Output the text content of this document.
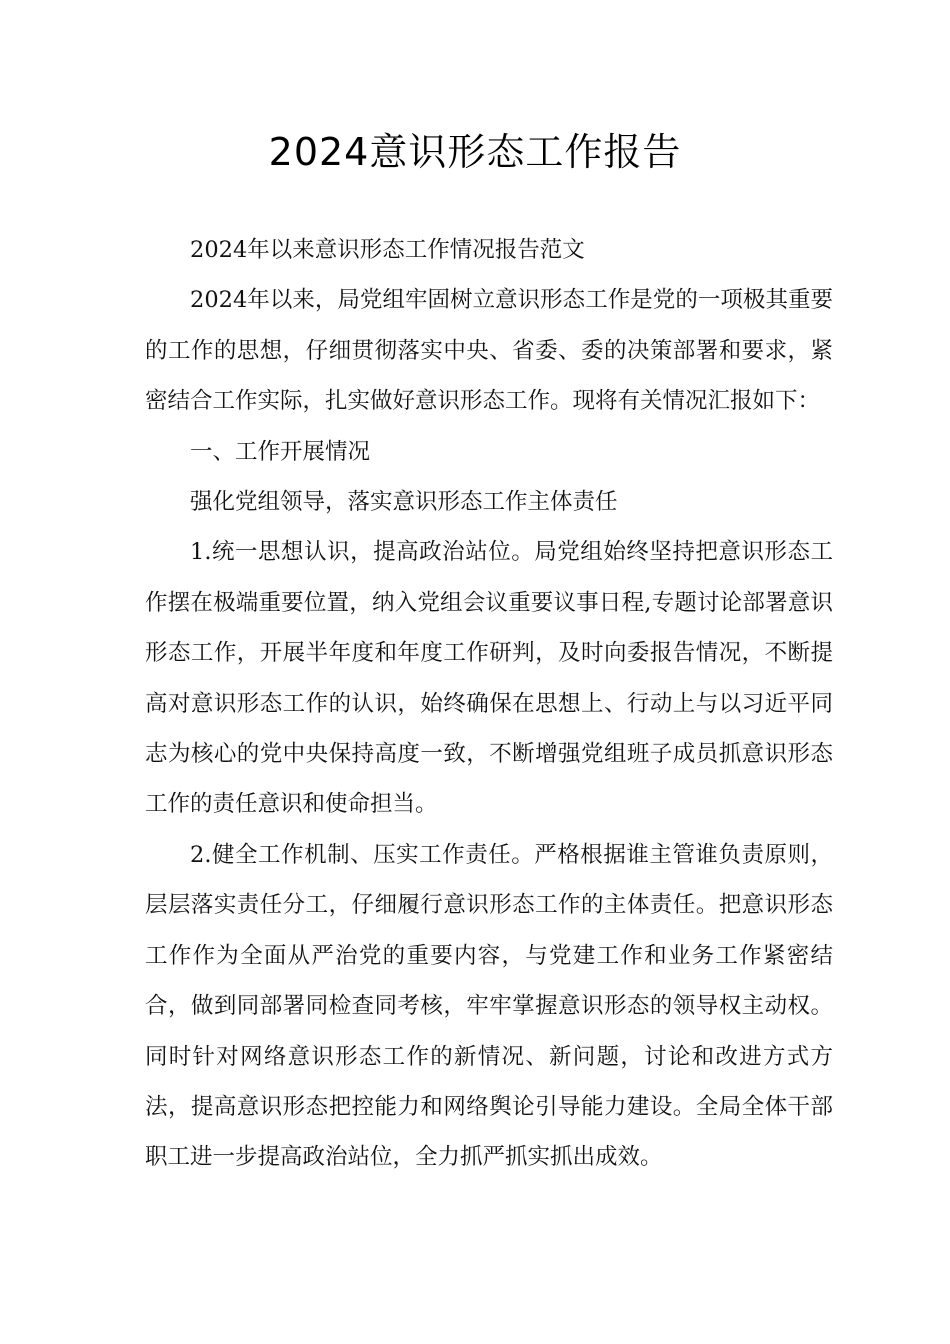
2024意识形态工作报告

2024年以来意识形态工作情况报告范文

2024年以来，局党组牢固树立意识形态工作是党的一项极其重要的工作的思想，仔细贯彻落实中央、省委、委的决策部署和要求，紧密结合工作实际，扎实做好意识形态工作。现将有关情况汇报如下：

一、工作开展情况

强化党组领导，落实意识形态工作主体责任

1.统一思想认识，提高政治站位。局党组始终坚持把意识形态工作摆在极端重要位置，纳入党组会议重要议事日程,专题讨论部署意识形态工作，开展半年度和年度工作研判，及时向委报告情况，不断提高对意识形态工作的认识，始终确保在思想上、行动上与以习近平同志为核心的党中央保持高度一致，不断增强党组班子成员抓意识形态工作的责任意识和使命担当。

2.健全工作机制、压实工作责任。严格根据谁主管谁负责原则，层层落实责任分工，仔细履行意识形态工作的主体责任。把意识形态工作作为全面从严治党的重要内容，与党建工作和业务工作紧密结合，做到同部署同检查同考核，牢牢掌握意识形态的领导权主动权。同时针对网络意识形态工作的新情况、新问题，讨论和改进方式方法，提高意识形态把控能力和网络舆论引导能力建设。全局全体干部职工进一步提高政治站位，全力抓严抓实抓出成效。
